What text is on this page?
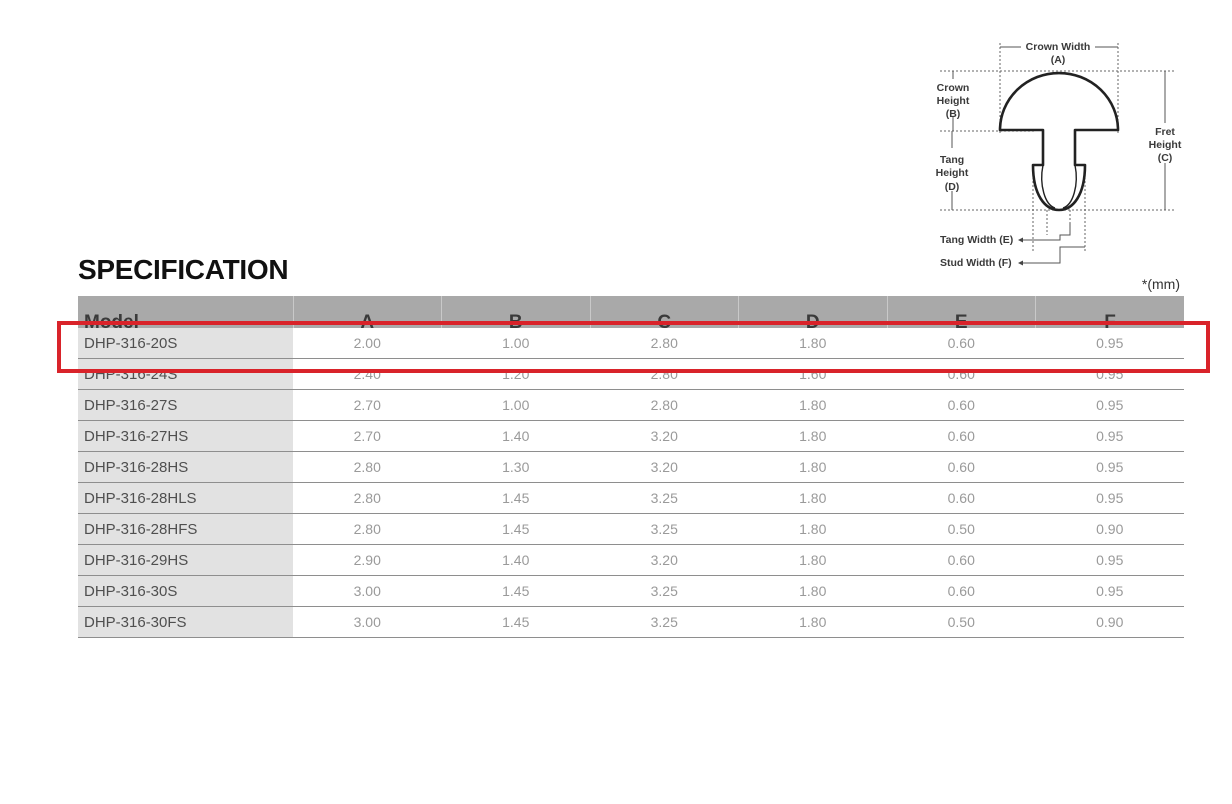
Crown Width
(A)
Crown
Height
(B)
Fret
Height
(C)
Tang
Height
(D)
Tang Width (E)
Stud Width (F)
SPECIFICATION	*(mm)
Model	A	B	C	D	E	F
DHP-316-20S	2.00	1.00	2.80	1.80	0.60	0.95
DHP-316-24S	2.40	1.20	2.80	1.60	0.60	0.95
DHP-316-27S	2.70	1.00	2.80	1.80	0.60	0.95
DHP-316-27HS	2.70	1.40	3.20	1.80	0.60	0.95
DHP-316-28HS	2.80	1.30	3.20	1.80	0.60	0.95
DHP-316-28HLS	2.80	1.45	3.25	1.80	0.60	0.95
DHP-316-28HFS	2.80	1.45	3.25	1.80	0.50	0.90
DHP-316-29HS	2.90	1.40	3.20	1.80	0.60	0.95
DHP-316-30S	3.00	1.45	3.25	1.80	0.60	0.95
DHP-316-30FS	3.00	1.45	3.25	1.80	0.50	0.90
